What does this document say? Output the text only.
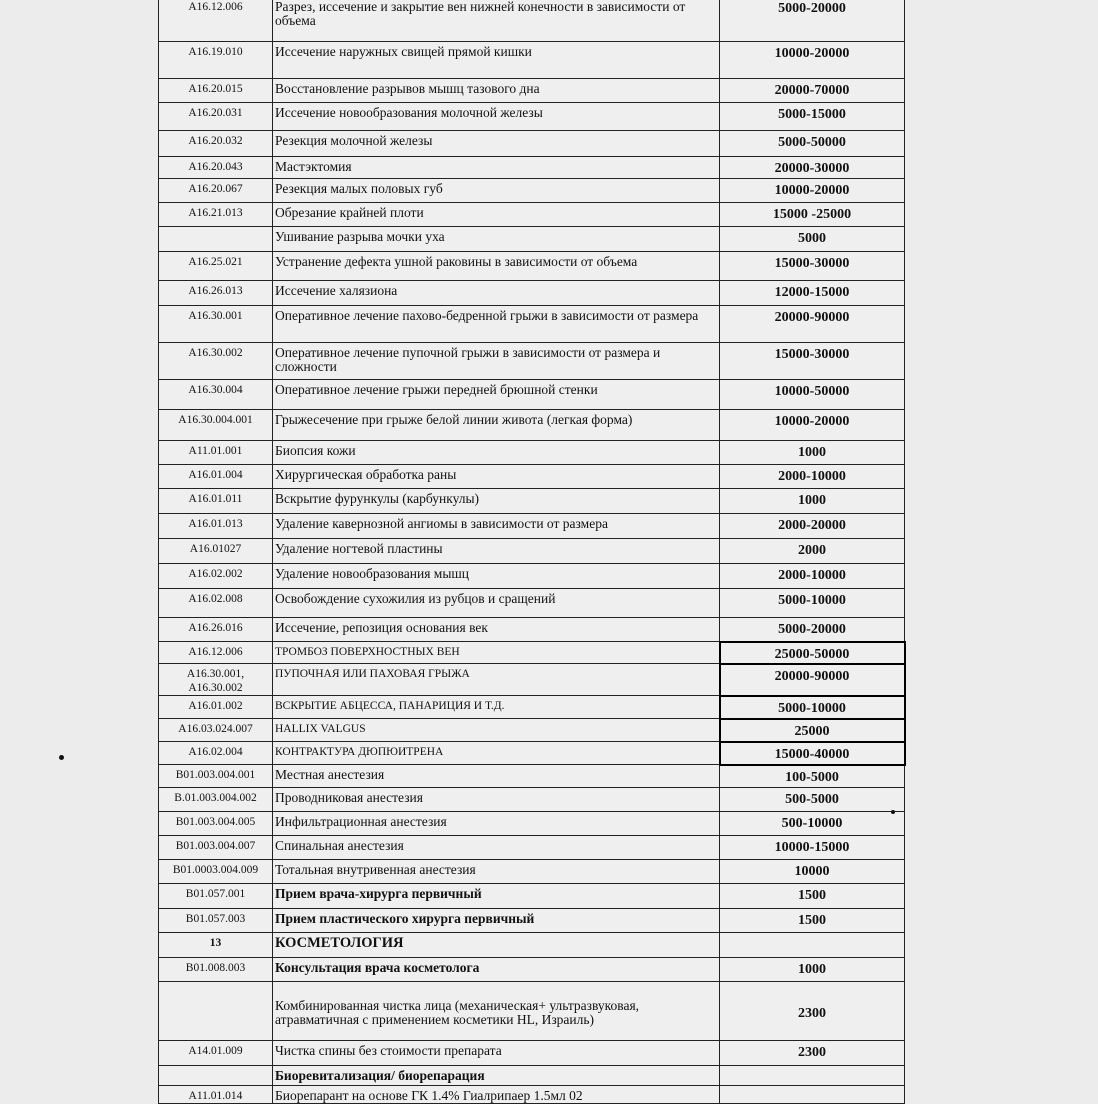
A16.12.006	Разрез, иссечение и закрытие вен нижней конечности в зависимости от объема	5000-20000
A16.19.010	Иссечение наружных свищей прямой кишки	10000-20000
A16.20.015	Восстановление разрывов мышц тазового дна	20000-70000
A16.20.031	Иссечение новообразования молочной железы	5000-15000
A16.20.032	Резекция молочной железы	5000-50000
A16.20.043	Мастэктомия	20000-30000
A16.20.067	Резекция малых половых губ	10000-20000
A16.21.013	Обрезание крайней плоти	15000 -25000
	Ушивание разрыва мочки уха	5000
A16.25.021	Устранение дефекта ушной раковины в зависимости от объема	15000-30000
A16.26.013	Иссечение халязиона	12000-15000
A16.30.001	Оперативное лечение пахово-бедренной грыжи в зависимости от размера	20000-90000
A16.30.002	Оперативное лечение пупочной грыжи в зависимости от размера и сложности	15000-30000
A16.30.004	Оперативное лечение грыжи передней брюшной стенки	10000-50000
A16.30.004.001	Грыжесечение при грыже белой линии живота (легкая форма)	10000-20000
A11.01.001	Биопсия кожи	1000
A16.01.004	Хирургическая обработка раны	2000-10000
A16.01.011	Вскрытие фурункулы (карбункулы)	1000
A16.01.013	Удаление кавернозной ангиомы в зависимости от размера	2000-20000
A16.01027	Удаление ногтевой пластины	2000
A16.02.002	Удаление новообразования мышц	2000-10000
A16.02.008	Освобождение сухожилия из рубцов и сращений	5000-10000
A16.26.016	Иссечение, репозиция основания век	5000-20000
A16.12.006	ТРОМБОЗ ПОВЕРХНОСТНЫХ ВЕН	25000-50000
A16.30.001, A16.30.002	ПУПОЧНАЯ ИЛИ ПАХОВАЯ ГРЫЖА	20000-90000
A16.01.002	ВСКРЫТИЕ АБЦЕССА, ПАНАРИЦИЯ И Т.Д.	5000-10000
A16.03.024.007	HALLIX VALGUS	25000
A16.02.004	КОНТРАКТУРА ДЮПЮИТРЕНА	15000-40000
B01.003.004.001	Местная анестезия	100-5000
B.01.003.004.002	Проводниковая анестезия	500-5000
B01.003.004.005	Инфильтрационная анестезия	500-10000
B01.003.004.007	Спинальная анестезия	10000-15000
B01.0003.004.009	Тотальная внутривенная анестезия	10000
B01.057.001	Прием врача-хирурга первичный	1500
B01.057.003	Прием пластического хирурга первичный	1500
13	КОСМЕТОЛОГИЯ	
B01.008.003	Консультация врача косметолога	1000
	Комбинированная чистка лица (механическая+ ультразвуковая, атравматичная с применением косметики HL, Израиль)	2300
A14.01.009	Чистка спины без стоимости препарата	2300
	Биоревитализация/ биорепарация	
A11.01.014	Биорепарант на основе ГК 1.4% Гиалрипаер 1.5мл 02	
